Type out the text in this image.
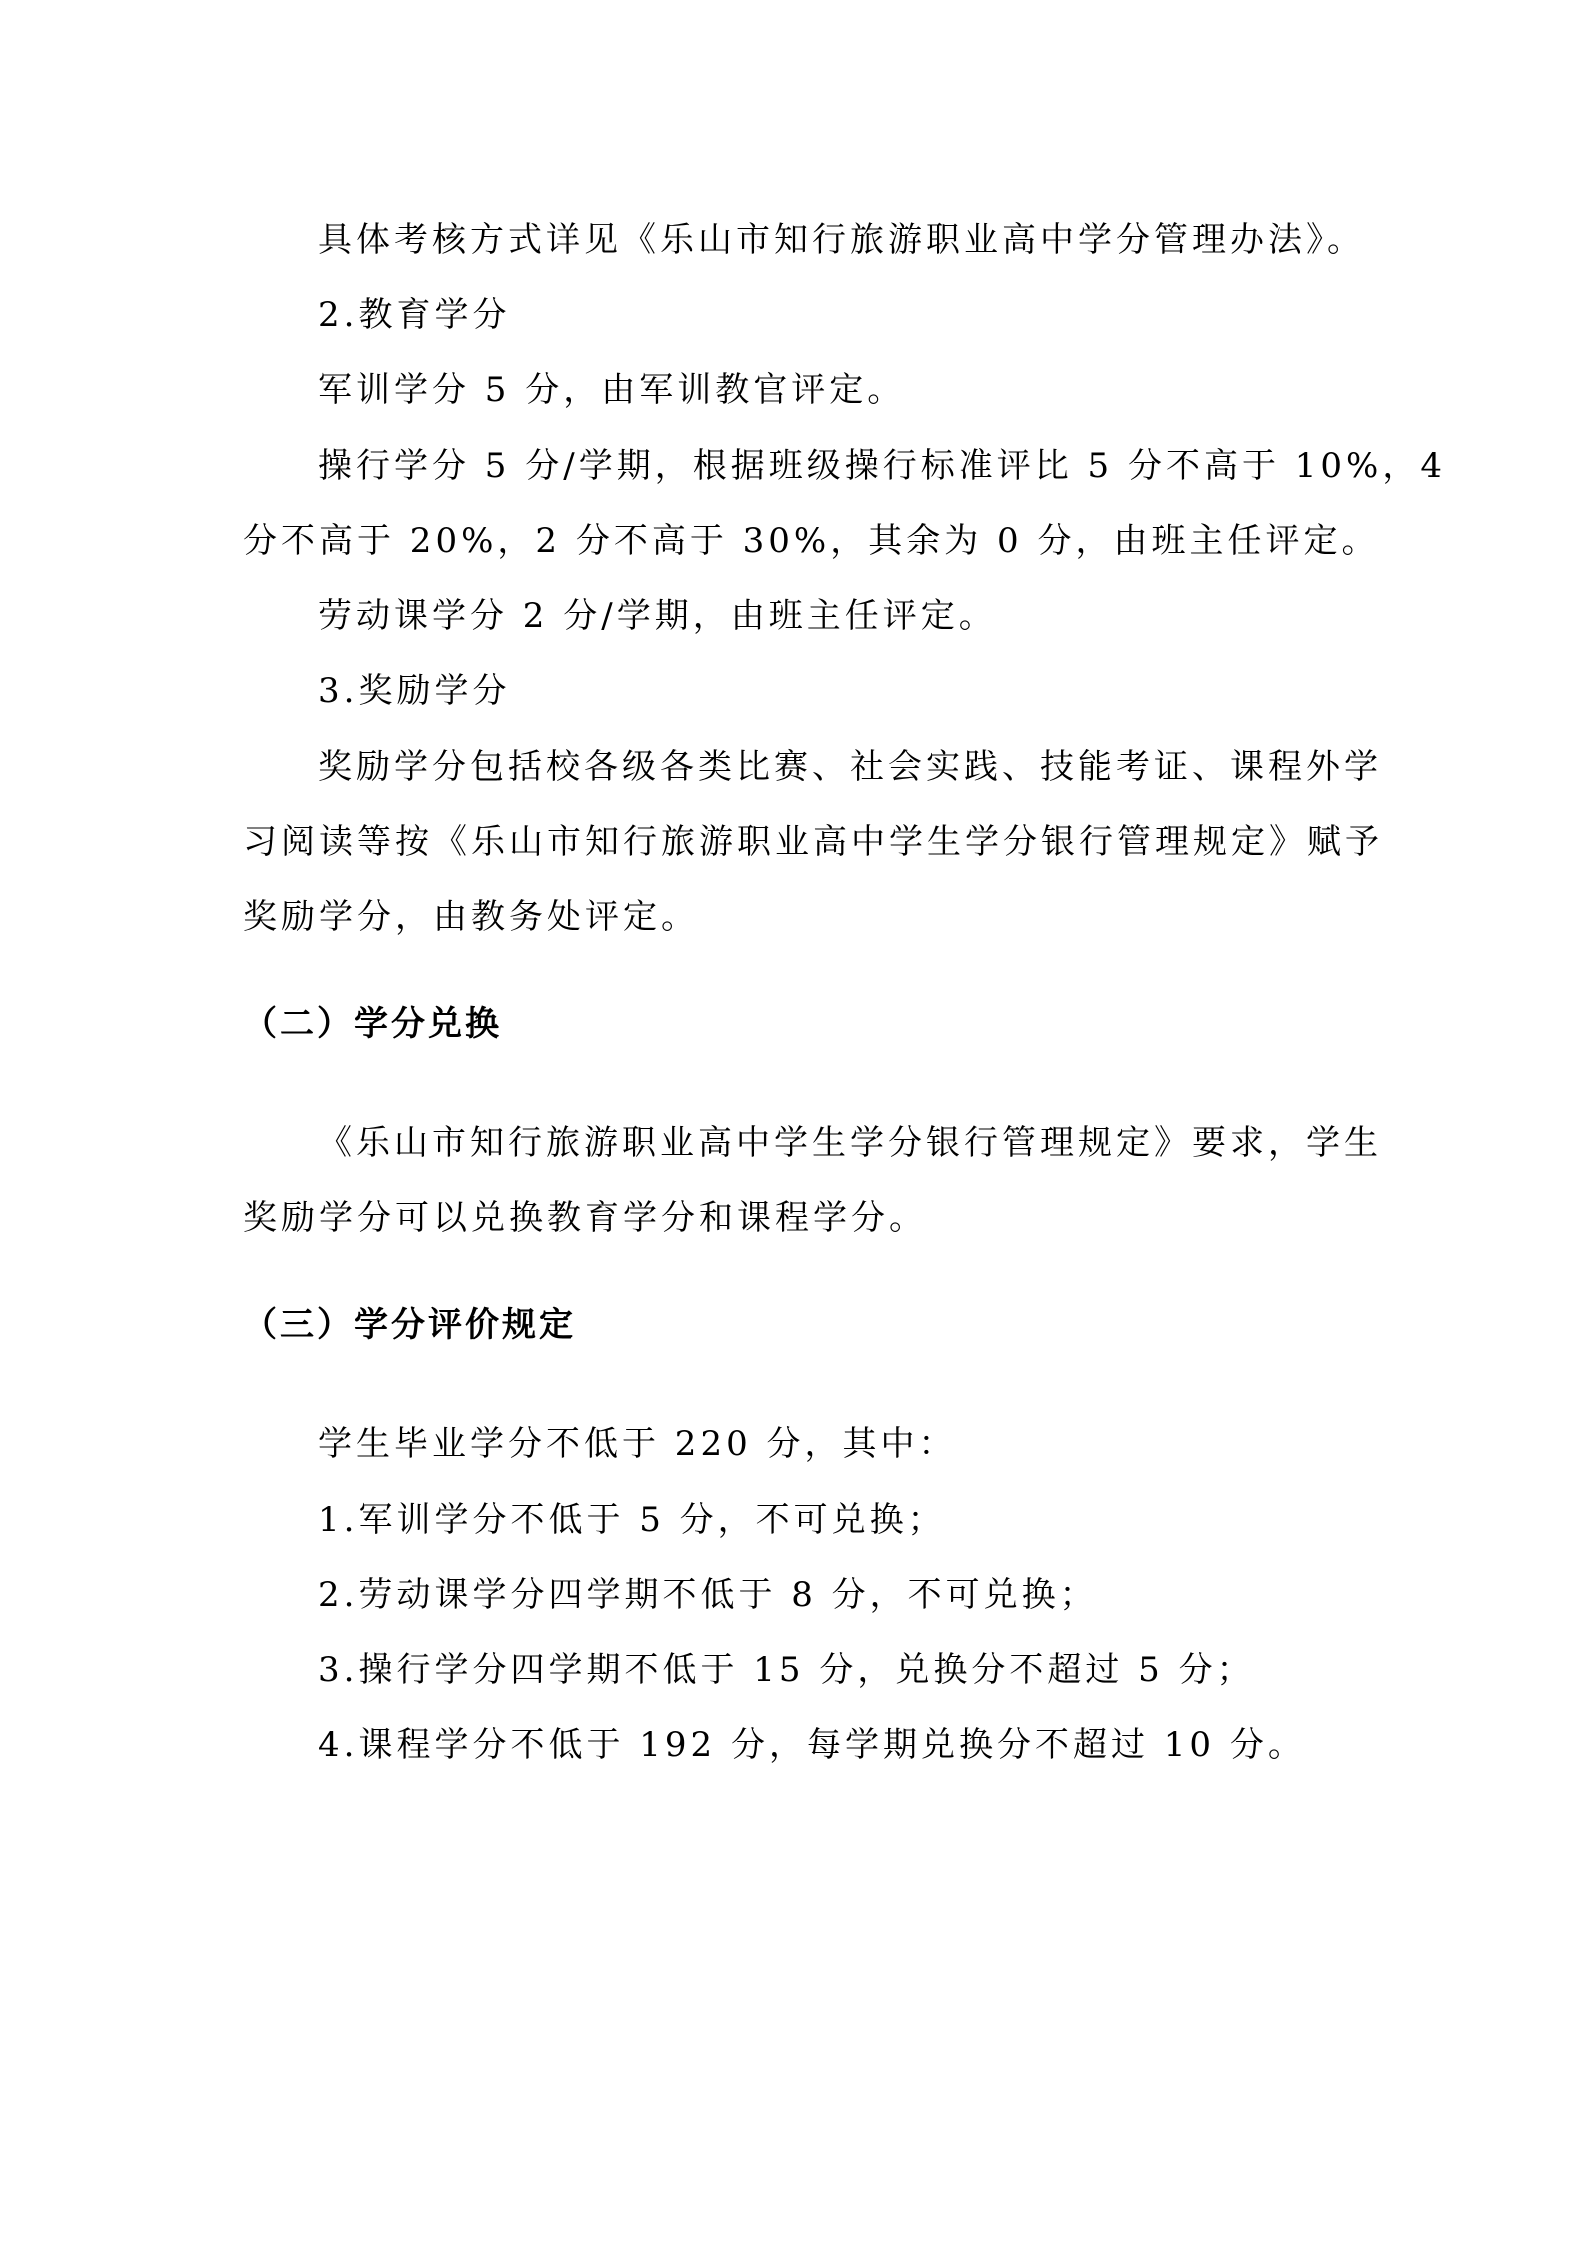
具体考核方式详见《乐山市知行旅游职业高中学分管理办法》。
2.教育学分
军训学分 5 分，由军训教官评定。
操行学分 5 分/学期，根据班级操行标准评比 5 分不高于 10%，4
分不高于 20%，2 分不高于 30%，其余为 0 分，由班主任评定。
劳动课学分 2 分/学期，由班主任评定。
3.奖励学分
奖励学分包括校各级各类比赛、社会实践、技能考证、课程外学
习阅读等按《乐山市知行旅游职业高中学生学分银行管理规定》赋予
奖励学分，由教务处评定。
（二）学分兑换
《乐山市知行旅游职业高中学生学分银行管理规定》要求，学生
奖励学分可以兑换教育学分和课程学分。
（三）学分评价规定
学生毕业学分不低于 220 分，其中：
1.军训学分不低于 5 分，不可兑换；
2.劳动课学分四学期不低于 8 分，不可兑换；
3.操行学分四学期不低于 15 分，兑换分不超过 5 分；
4.课程学分不低于 192 分，每学期兑换分不超过 10 分。
